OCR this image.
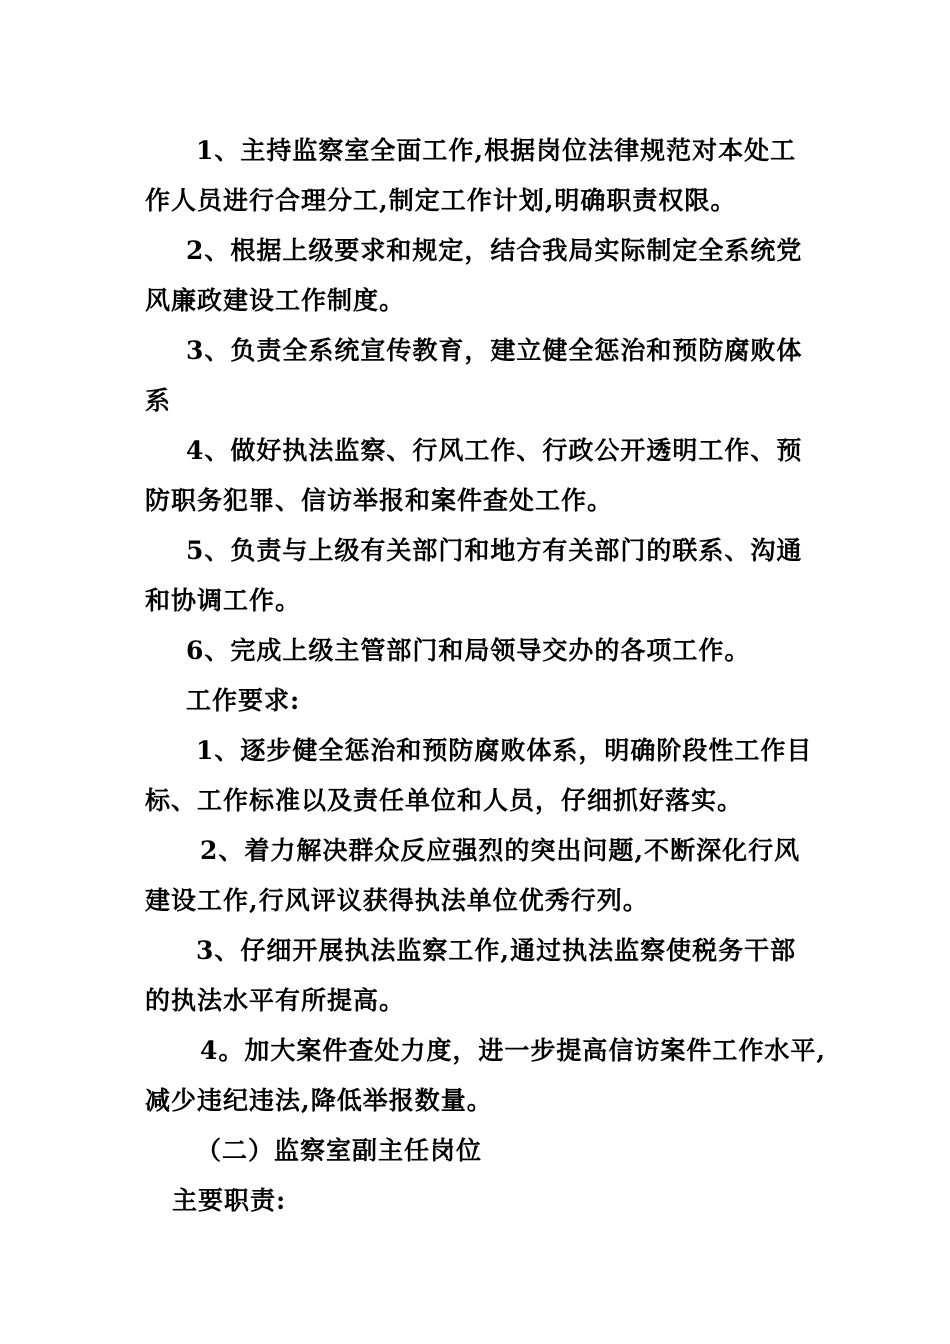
1、主持监察室全面工作,根据岗位法律规范对本处工
作人员进行合理分工,制定工作计划,明确职责权限。
2、根据上级要求和规定，结合我局实际制定全系统党
风廉政建设工作制度。
3、负责全系统宣传教育，建立健全惩治和预防腐败体
系
4、做好执法监察、行风工作、行政公开透明工作、预
防职务犯罪、信访举报和案件查处工作。
5、负责与上级有关部门和地方有关部门的联系、沟通
和协调工作。
6、完成上级主管部门和局领导交办的各项工作。
工作要求:
1、逐步健全惩治和预防腐败体系，明确阶段性工作目
标、工作标准以及责任单位和人员，仔细抓好落实。
2、着力解决群众反应强烈的突出问题,不断深化行风
建设工作,行风评议获得执法单位优秀行列。
3、仔细开展执法监察工作,通过执法监察使税务干部
的执法水平有所提高。
4。加大案件查处力度，进一步提高信访案件工作水平,
减少违纪违法,降低举报数量。
（二）监察室副主任岗位
主要职责:
